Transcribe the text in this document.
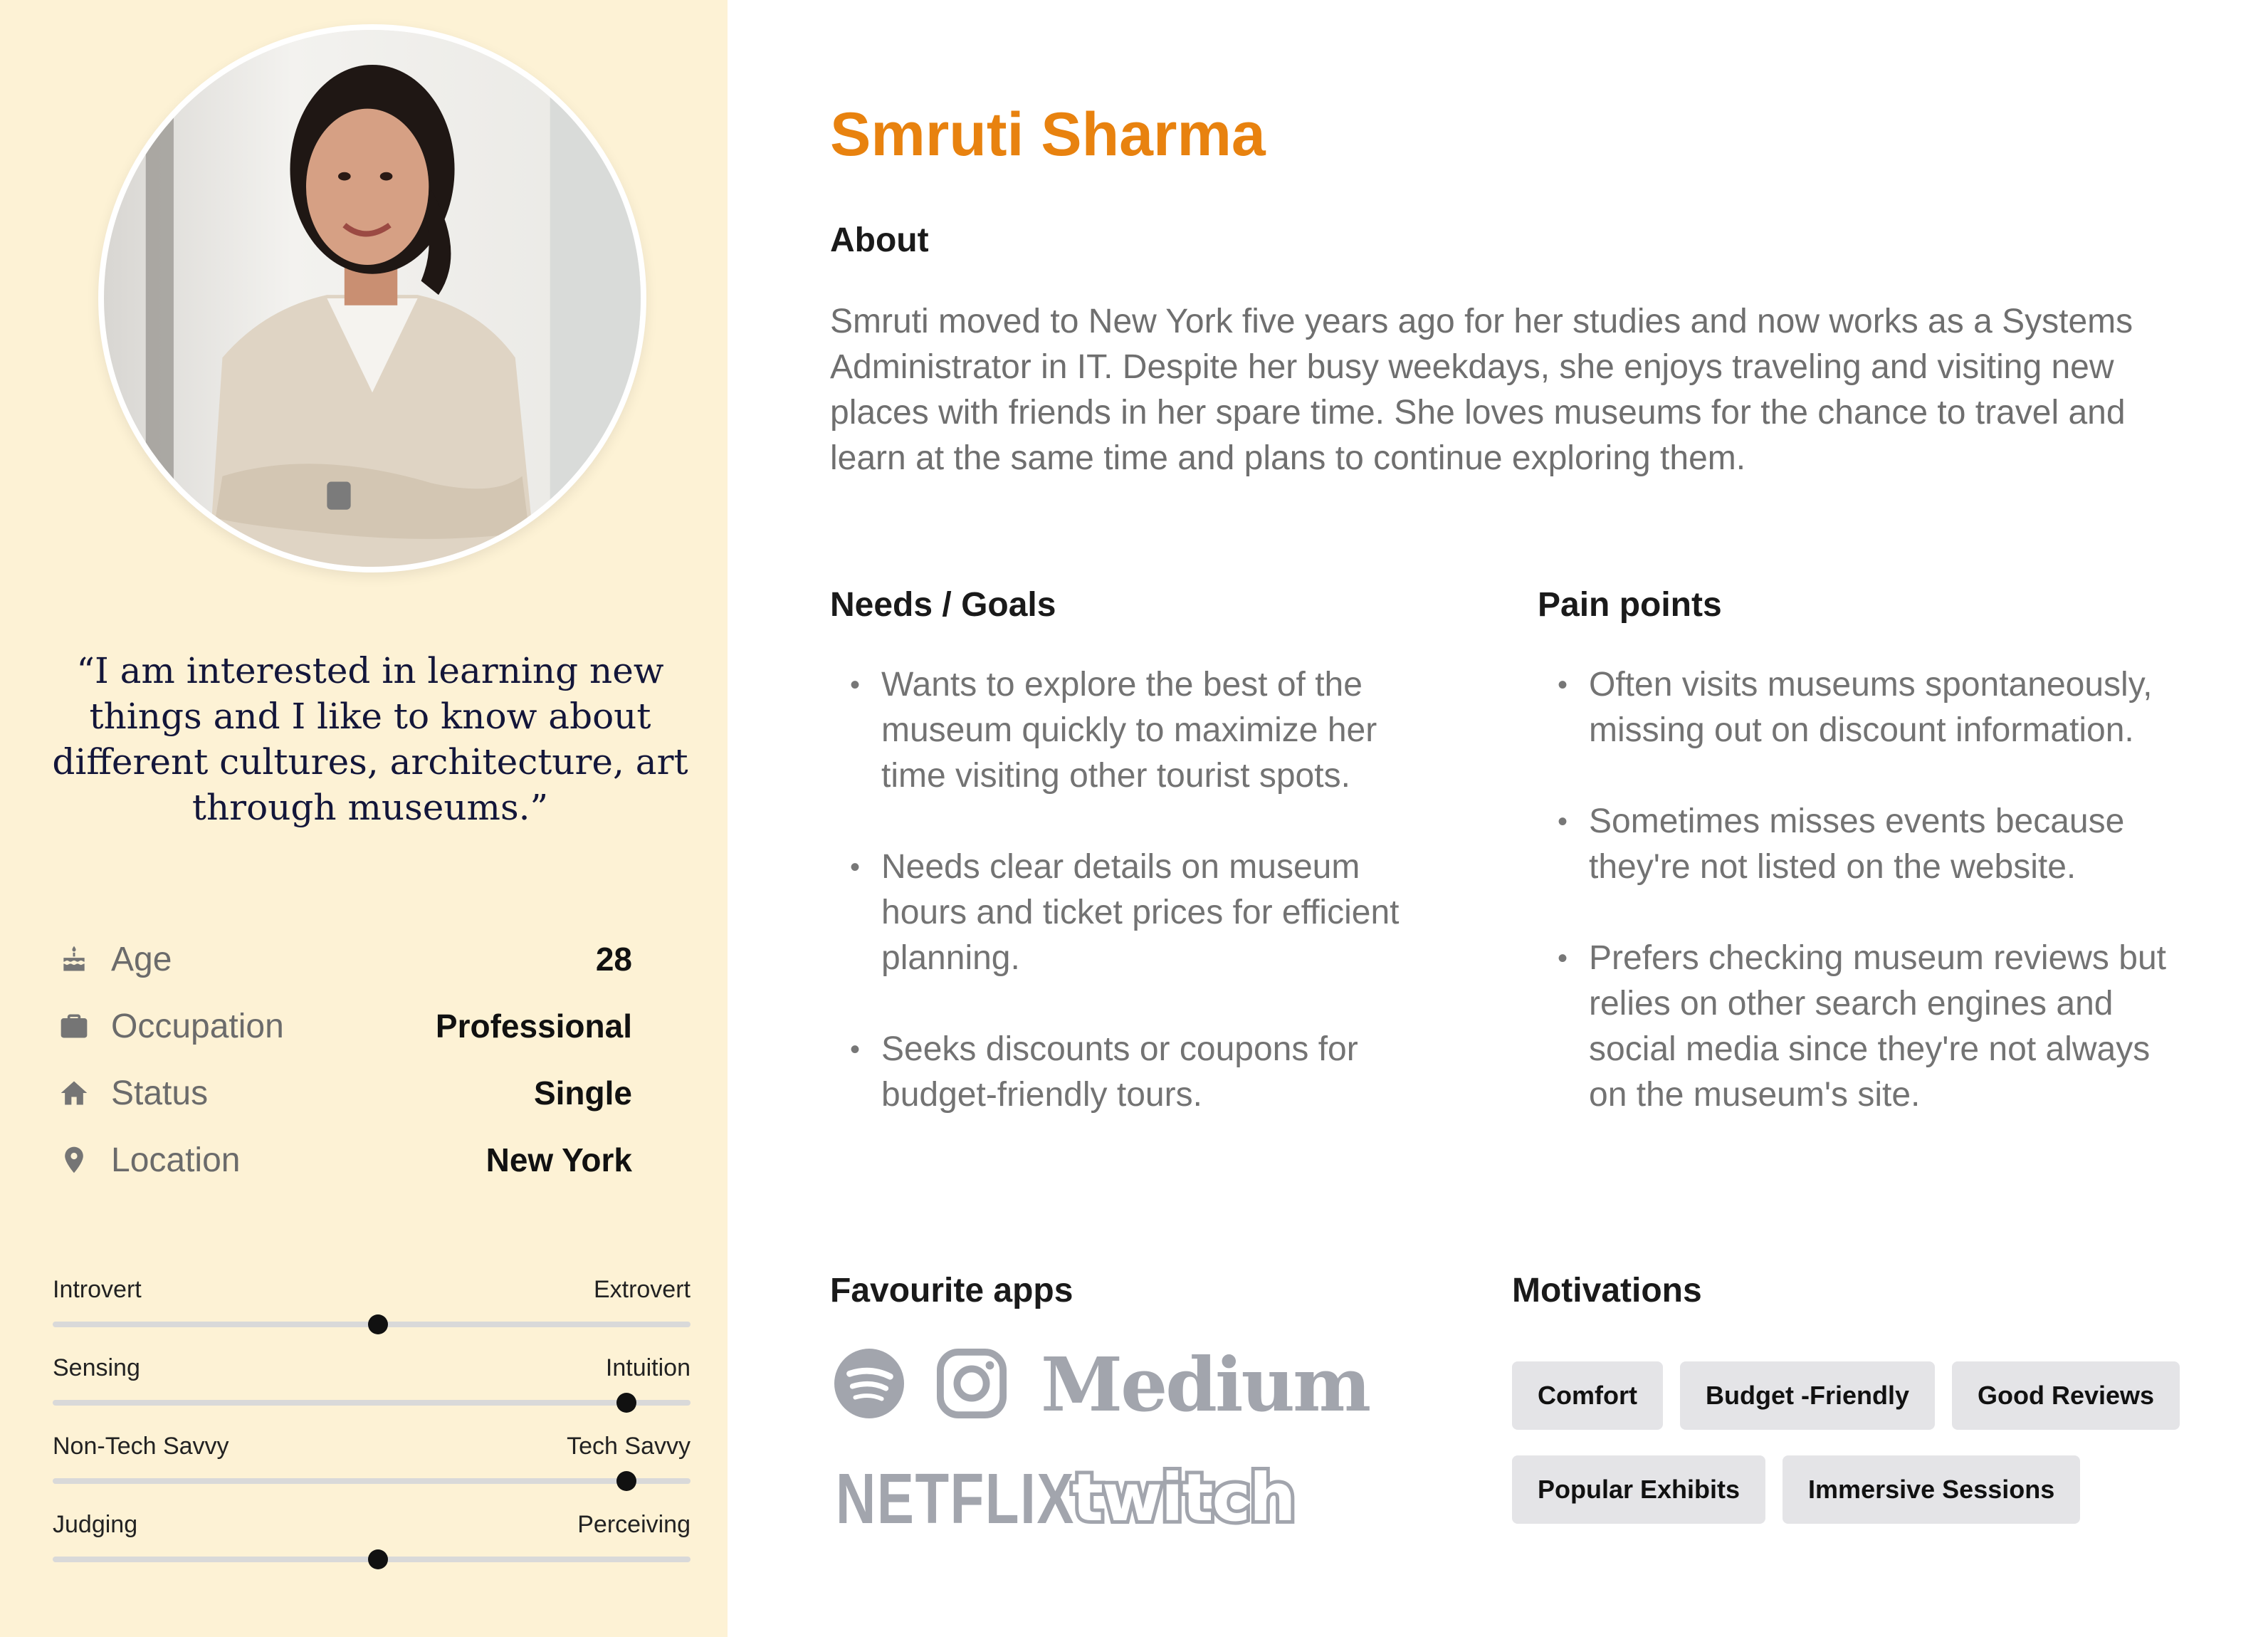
“I am interested in learning new things and I like to know about different cultures, architecture, art through museums.”
Age	28
Occupation	Professional
Status	Single
Location	New York
Introvert	Extrovert
Sensing	Intuition
Non-Tech Savvy	Tech Savvy
Judging	Perceiving
Smruti Sharma
About

Smruti moved to New York five years ago for her studies and now works as a Systems Administrator in IT. Despite her busy weekdays, she enjoys traveling and visiting new places with friends in her spare time. She loves museums for the chance to travel and learn at the same time and plans to continue exploring them.

Needs / Goals
• Wants to explore the best of the museum quickly to maximize her time visiting other tourist spots.
• Needs clear details on museum hours and ticket prices for efficient planning.
• Seeks discounts or coupons for budget-friendly tours.
Pain points
• Often visits museums spontaneously, missing out on discount information.
• Sometimes misses events because they're not listed on the website.
• Prefers checking museum reviews but relies on other search engines and social media since they're not always on the museum's site.
Favourite apps
Medium
NETFLIX
twitch
Motivations
Comfort	Budget -Friendly	Good Reviews
Popular Exhibits	Immersive Sessions
